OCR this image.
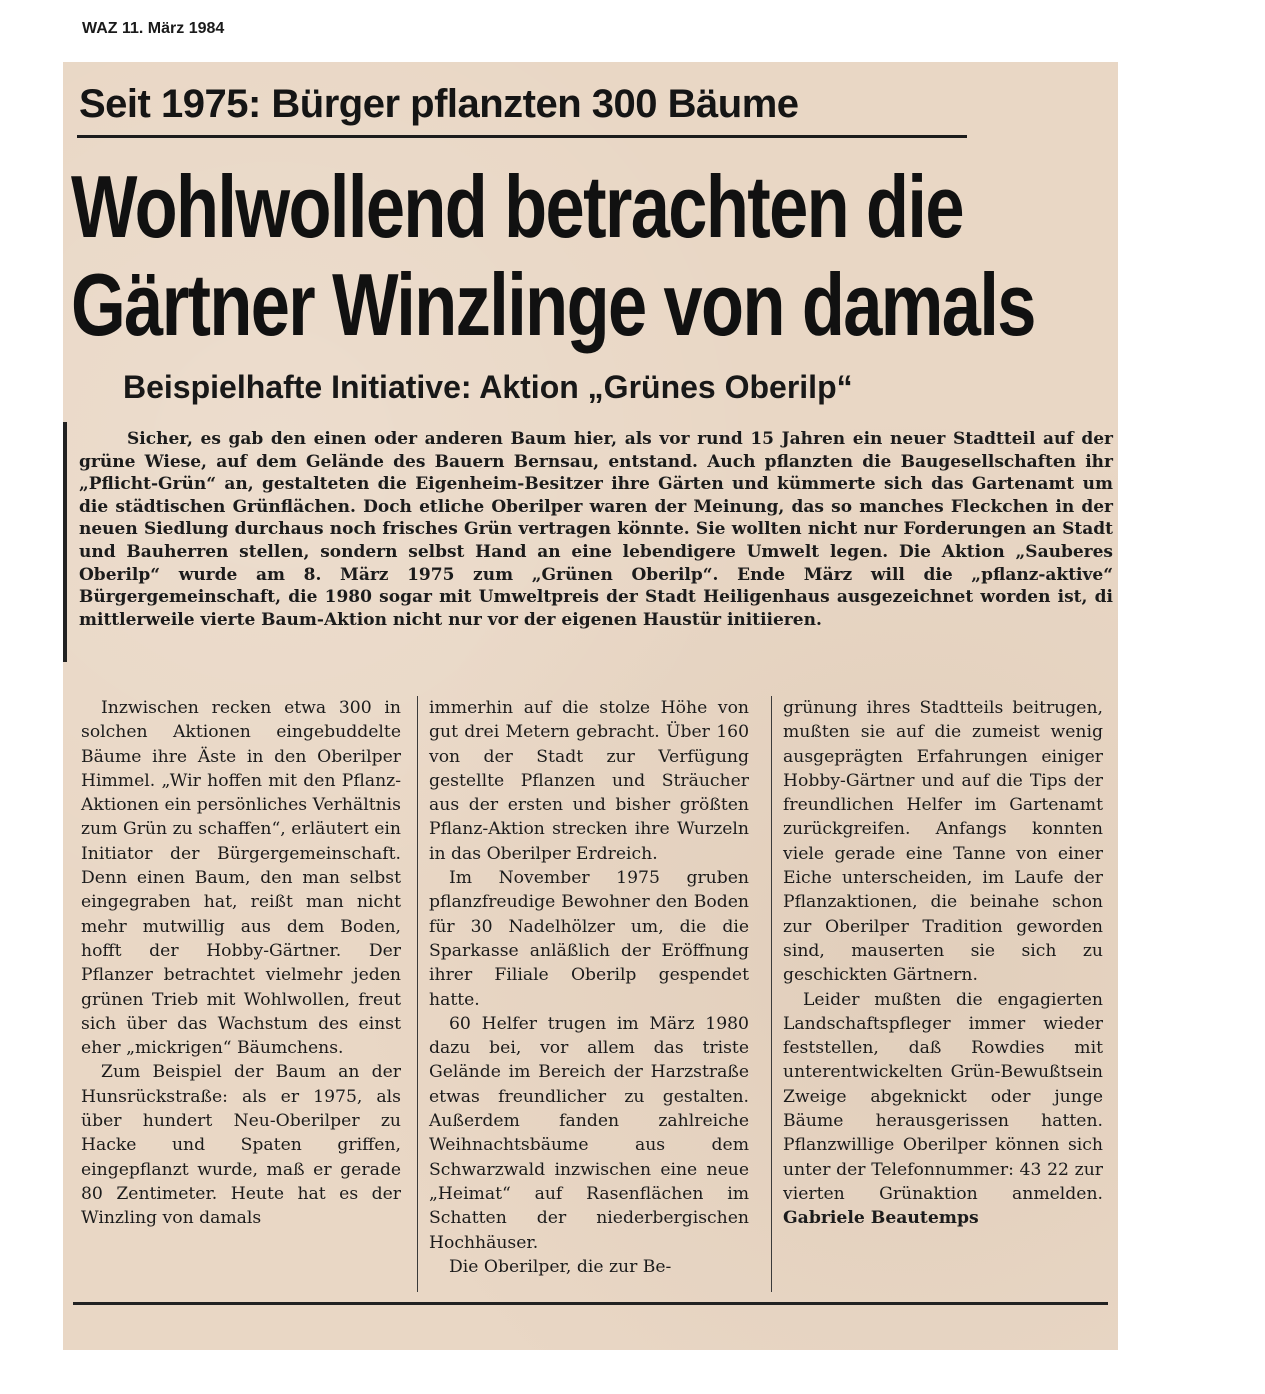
WAZ 11. März 1984
Seit 1975: Bürger pflanzten 300 Bäume
Wohlwollend betrachten die
Gärtner Winzlinge von damals
Beispielhafte Initiative: Aktion „Grünes Oberilp“

Sicher, es gab den einen oder anderen Baum hier, als vor rund 15 Jahren ein neuer Stadtteil auf der grüne Wiese, auf dem Gelände des Bauern Bernsau, entstand. Auch pflanzten die Baugesellschaften ihr „Pflicht-Grün“ an, gestalteten die Eigenheim-Besitzer ihre Gärten und kümmerte sich das Gartenamt um die städtischen Grünflächen. Doch etliche Oberilper waren der Meinung, das so manches Fleckchen in der neuen Siedlung durchaus noch frisches Grün vertragen könnte. Sie wollten nicht nur Forderungen an Stadt und Bauherren stellen, sondern selbst Hand an eine lebendigere Umwelt legen. Die Aktion „Sauberes Oberilp“ wurde am 8. März 1975 zum „Grünen Oberilp“. Ende März will die „pflanz-aktive“ Bürgergemeinschaft, die 1980 sogar mit Umweltpreis der Stadt Heiligenhaus ausgezeichnet worden ist, di mittlerweile vierte Baum-Aktion nicht nur vor der eigenen Haustür initiieren.

Inzwischen recken etwa 300 in solchen Aktionen eingebuddelte Bäume ihre Äste in den Oberilper Himmel. „Wir hoffen mit den Pflanz-Aktionen ein persönliches Verhältnis zum Grün zu schaffen“, erläutert ein Initiator der Bürgergemeinschaft. Denn einen Baum, den man selbst eingegraben hat, reißt man nicht mehr mutwillig aus dem Boden, hofft der Hobby-Gärtner. Der Pflanzer betrachtet vielmehr jeden grünen Trieb mit Wohlwollen, freut sich über das Wachstum des einst eher „mickrigen“ Bäumchens.

Zum Beispiel der Baum an der Hunsrückstraße: als er 1975, als über hundert Neu-Oberilper zu Hacke und Spaten griffen, eingepflanzt wurde, maß er gerade 80 Zentimeter. Heute hat es der Winzling von damals

immerhin auf die stolze Höhe von gut drei Metern gebracht. Über 160 von der Stadt zur Verfügung gestellte Pflanzen und Sträucher aus der ersten und bisher größten Pflanz-Aktion strecken ihre Wurzeln in das Oberilper Erdreich.

Im November 1975 gruben pflanzfreudige Bewohner den Boden für 30 Nadelhölzer um, die die Sparkasse anläßlich der Eröffnung ihrer Filiale Oberilp gespendet hatte.

60 Helfer trugen im März 1980 dazu bei, vor allem das triste Gelände im Bereich der Harzstraße etwas freundlicher zu gestalten. Außerdem fanden zahlreiche Weihnachtsbäume aus dem Schwarzwald inzwischen eine neue „Heimat“ auf Rasenflächen im Schatten der niederbergischen Hochhäuser.

Die Oberilper, die zur Be-

grünung ihres Stadtteils beitrugen, mußten sie auf die zumeist wenig ausgeprägten Erfahrungen einiger Hobby-Gärtner und auf die Tips der freundlichen Helfer im Gartenamt zurückgreifen. Anfangs konnten viele gerade eine Tanne von einer Eiche unterscheiden, im Laufe der Pflanzaktionen, die beinahe schon zur Oberilper Tradition geworden sind, mauserten sie sich zu geschickten Gärtnern.

Leider mußten die engagierten Landschaftspfleger immer wieder feststellen, daß Rowdies mit unterentwickelten Grün-Bewußtsein Zweige abgeknickt oder junge Bäume herausgerissen hatten. Pflanzwillige Oberilper können sich unter der Telefonnummer: 43 22 zur vierten Grünaktion anmelden. Gabriele Beautemps
